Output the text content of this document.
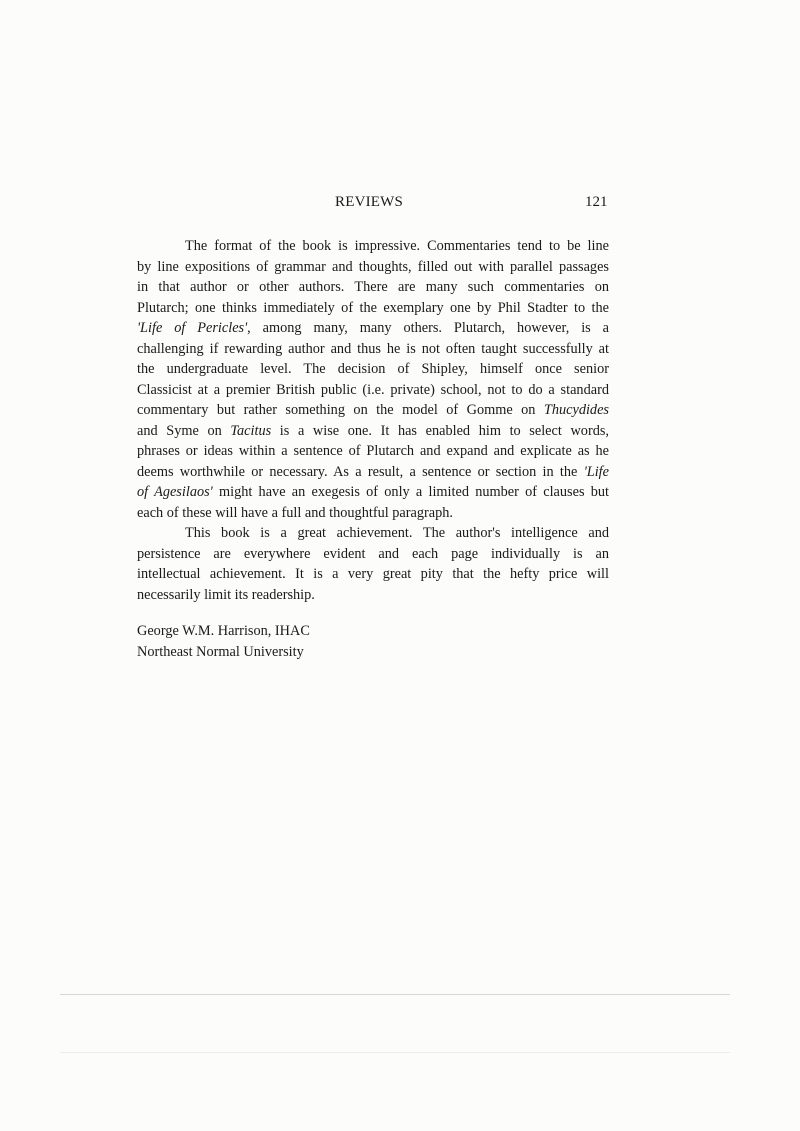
REVIEWS	121
The format of the book is impressive. Commentaries tend to be line
by line expositions of grammar and thoughts, filled out with parallel passages
in that author or other authors. There are many such commentaries on
Plutarch; one thinks immediately of the exemplary one by Phil Stadter to the
'Life of Pericles', among many, many others. Plutarch, however, is a
challenging if rewarding author and thus he is not often taught successfully at
the undergraduate level. The decision of Shipley, himself once senior
Classicist at a premier British public (i.e. private) school, not to do a standard
commentary but rather something on the model of Gomme on Thucydides
and Syme on Tacitus is a wise one. It has enabled him to select words,
phrases or ideas within a sentence of Plutarch and expand and explicate as he
deems worthwhile or necessary. As a result, a sentence or section in the 'Life
of Agesilaos' might have an exegesis of only a limited number of clauses but
each of these will have a full and thoughtful paragraph.
This book is a great achievement. The author's intelligence and
persistence are everywhere evident and each page individually is an
intellectual achievement. It is a very great pity that the hefty price will
necessarily limit its readership.
George W.M. Harrison, IHAC
Northeast Normal University
